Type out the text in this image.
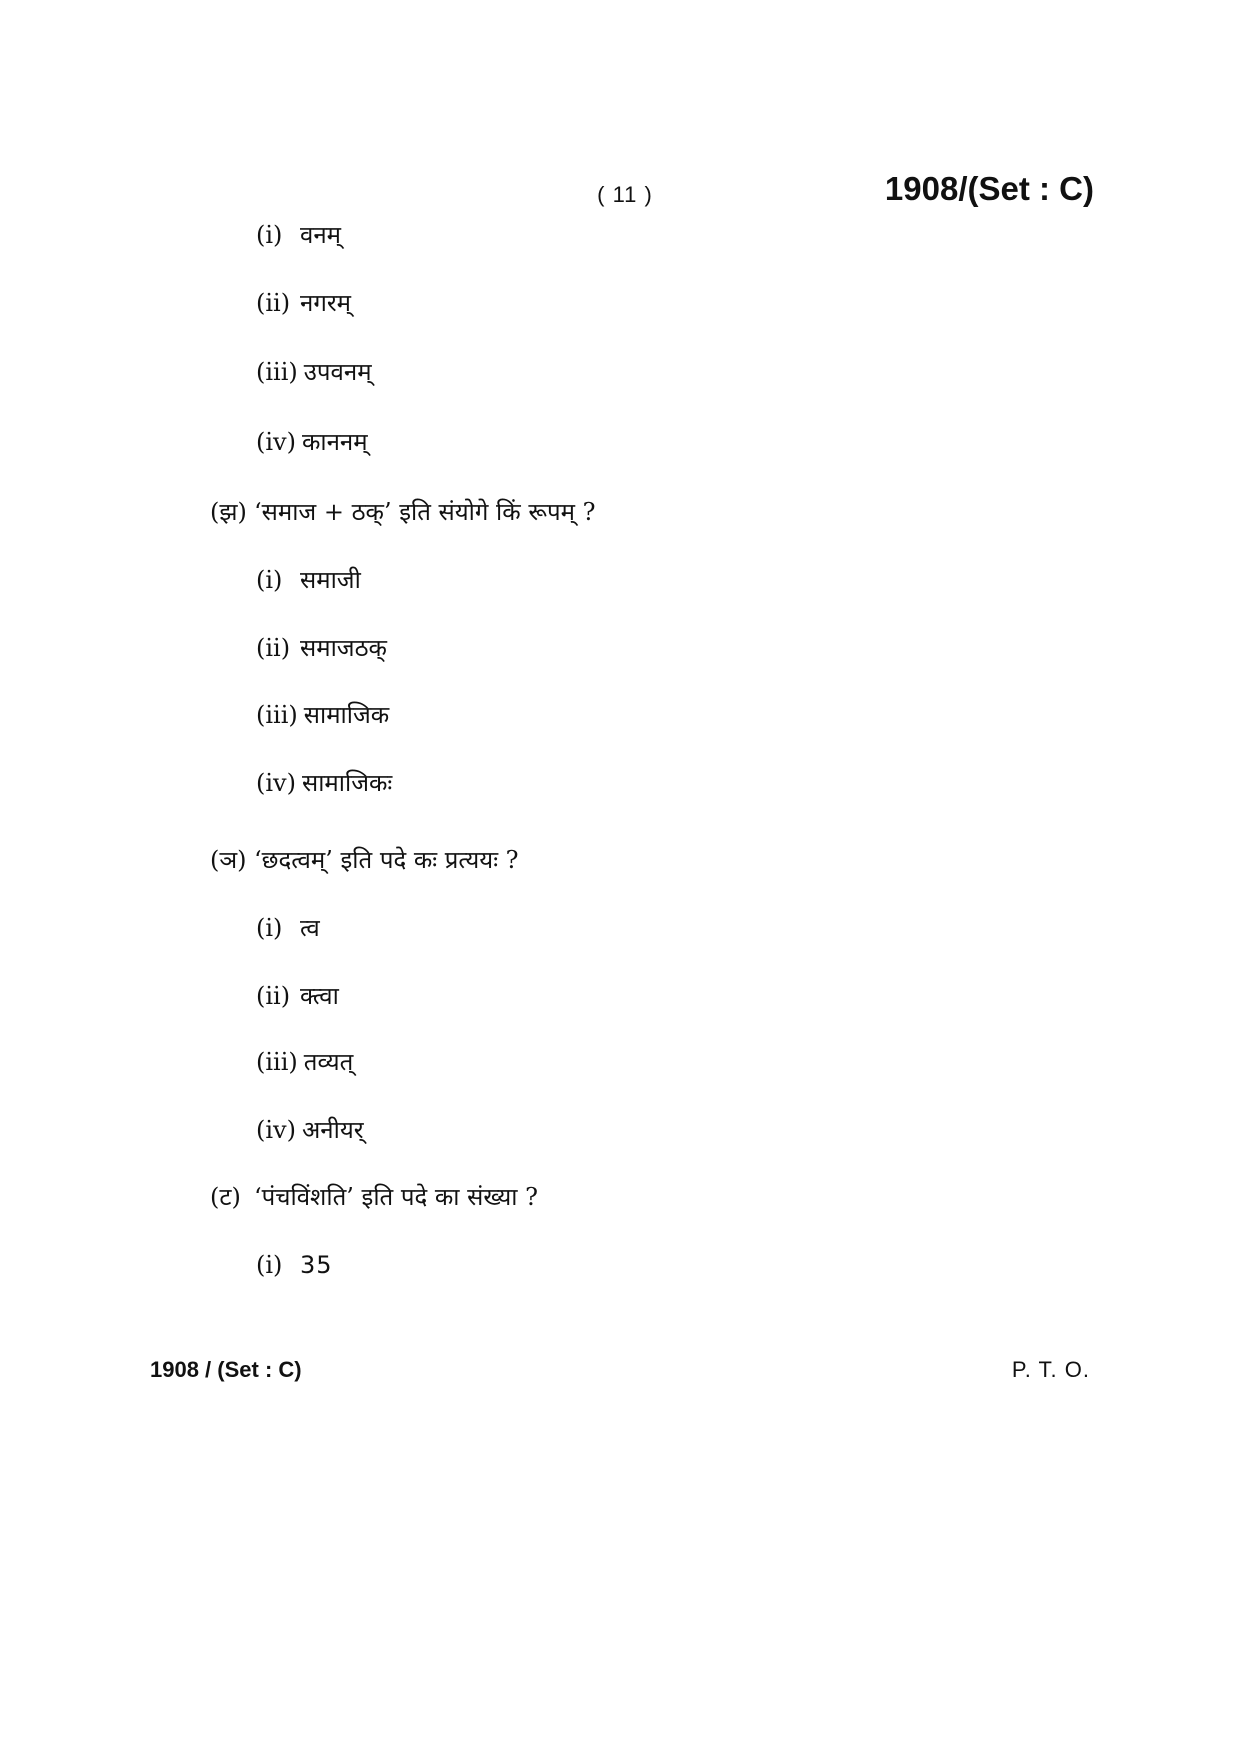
( 11 )	1908/(Set : C)
(i) वनम्
(ii) नगरम्
(iii) उपवनम्
(iv) काननम्
(झ) ‘समाज + ठक्’ इति संयोगे किं रूपम् ?
(i) समाजी
(ii) समाजठक्
(iii) सामाजिक
(iv) सामाजिकः
(ञ) ‘छदत्वम्’ इति पदे कः प्रत्ययः ?
(i) त्व
(ii) क्त्वा
(iii) तव्यत्
(iv) अनीयर्
(ट) ‘पंचविंशति’ इति पदे का संख्या ?
(i) 35
1908 / (Set : C)	P. T. O.
